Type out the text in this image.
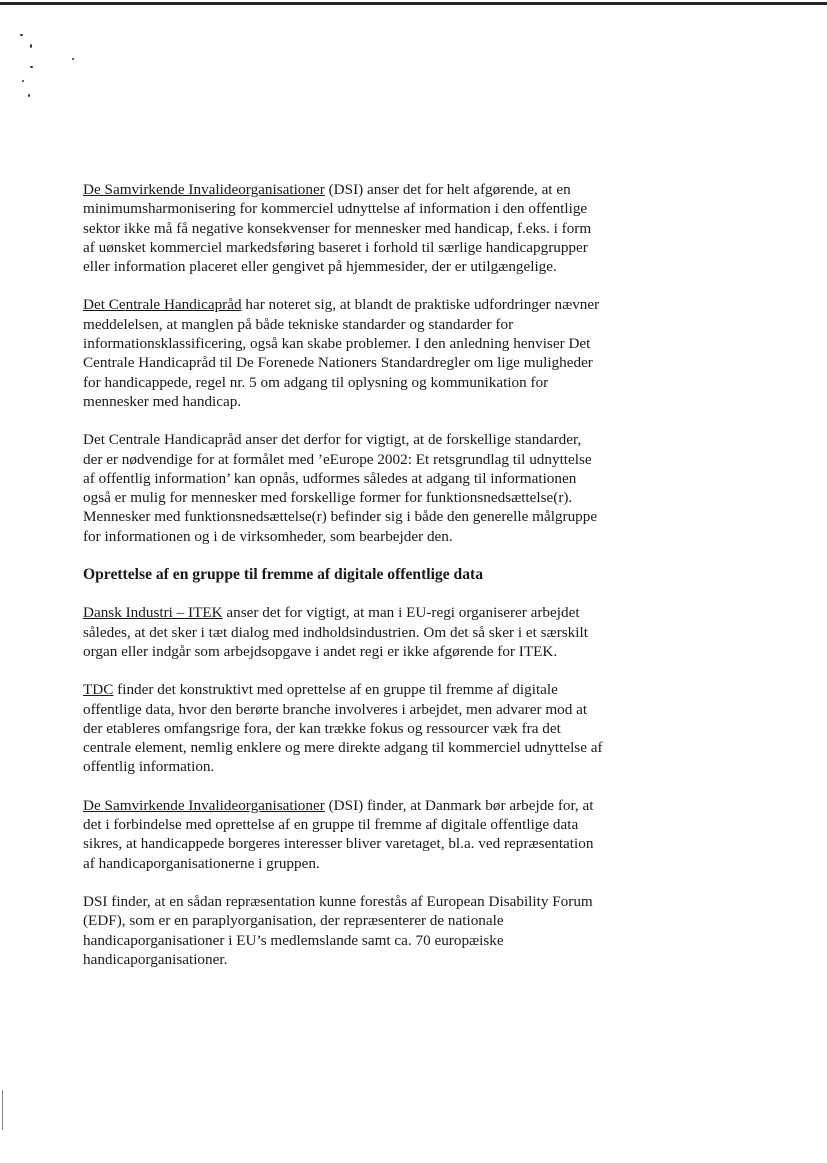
De Samvirkende Invalideorganisationer (DSI) anser det for helt afgørende, at en minimumsharmonisering for kommerciel udnyttelse af information i den offentlige sektor ikke må få negative konsekvenser for mennesker med handicap, f.eks. i form af uønsket kommerciel markedsføring baseret i forhold til særlige handicapgrupper eller information placeret eller gengivet på hjemmesider, der er utilgængelige.

Det Centrale Handicapråd har noteret sig, at blandt de praktiske udfordringer nævner meddelelsen, at manglen på både tekniske standarder og standarder for informationsklassificering, også kan skabe problemer. I den anledning henviser Det Centrale Handicapråd til De Forenede Nationers Standardregler om lige muligheder for handicappede, regel nr. 5 om adgang til oplysning og kommunikation for mennesker med handicap.

Det Centrale Handicapråd anser det derfor for vigtigt, at de forskellige standarder, der er nødvendige for at formålet med ’eEurope 2002: Et retsgrundlag til udnyttelse af offentlig information’ kan opnås, udformes således at adgang til informationen også er mulig for mennesker med forskellige former for funktionsnedsættelse(r). Mennesker med funktionsnedsættelse(r) befinder sig i både den generelle målgruppe for informationen og i de virksomheder, som bearbejder den.

Oprettelse af en gruppe til fremme af digitale offentlige data

Dansk Industri – ITEK anser det for vigtigt, at man i EU-regi organiserer arbejdet således, at det sker i tæt dialog med indholdsindustrien. Om det så sker i et særskilt organ eller indgår som arbejdsopgave i andet regi er ikke afgørende for ITEK.

TDC finder det konstruktivt med oprettelse af en gruppe til fremme af digitale offentlige data, hvor den berørte branche involveres i arbejdet, men advarer mod at der etableres omfangsrige fora, der kan trække fokus og ressourcer væk fra det centrale element, nemlig enklere og mere direkte adgang til kommerciel udnyttelse af offentlig information.

De Samvirkende Invalideorganisationer (DSI) finder, at Danmark bør arbejde for, at det i forbindelse med oprettelse af en gruppe til fremme af digitale offentlige data sikres, at handicappede borgeres interesser bliver varetaget, bl.a. ved repræsentation af handicaporganisationerne i gruppen.

DSI finder, at en sådan repræsentation kunne forestås af European Disability Forum (EDF), som er en paraplyorganisation, der repræsenterer de nationale handicaporganisationer i EU’s medlemslande samt ca. 70 europæiske handicaporganisationer.
